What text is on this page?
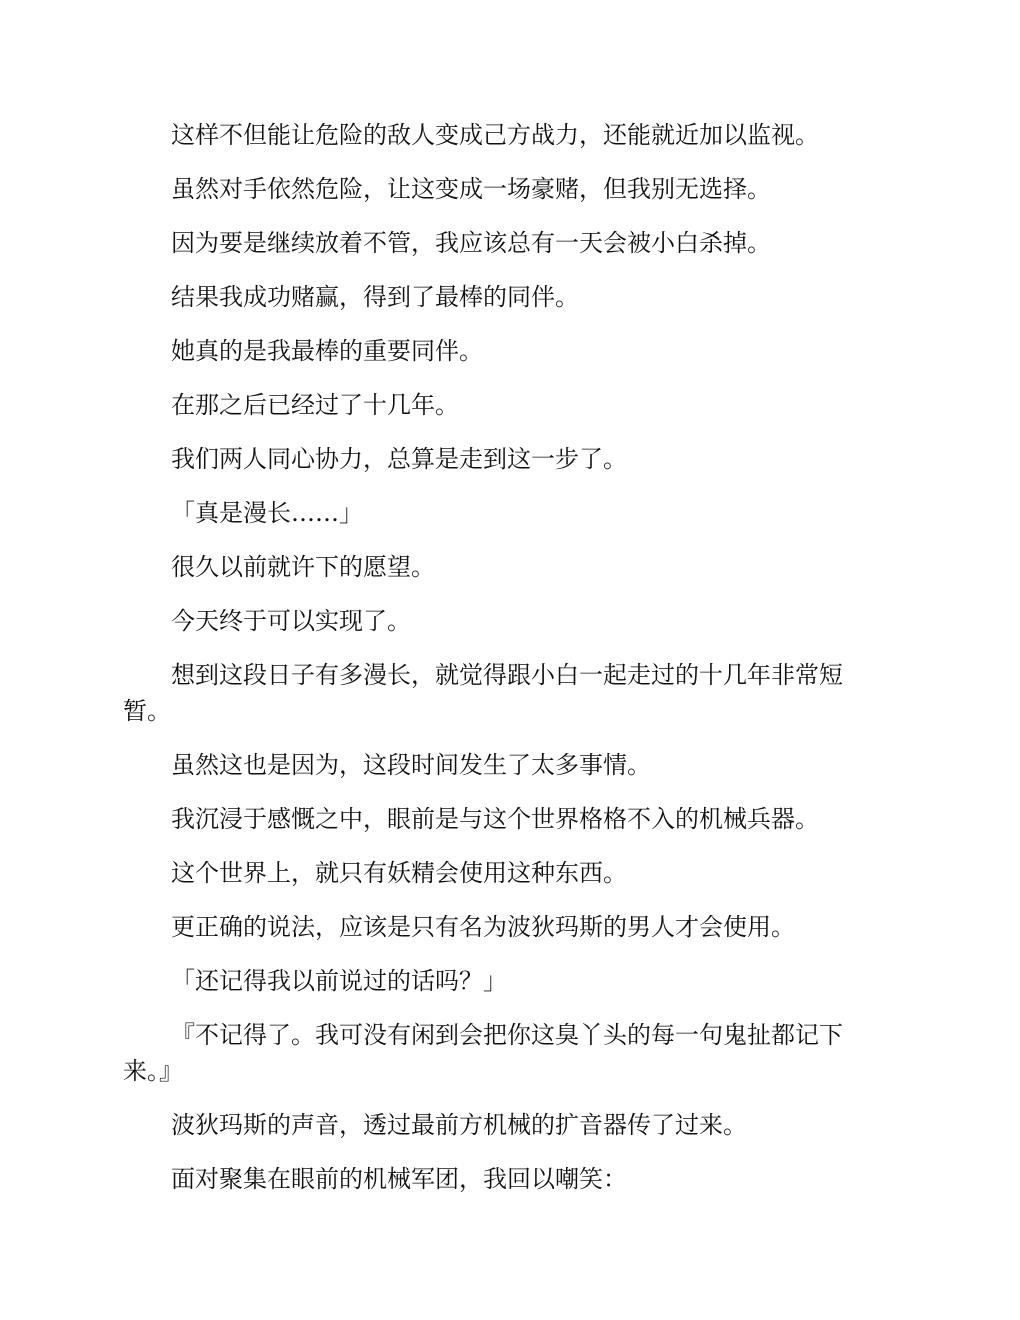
这样不但能让危险的敌人变成己方战力，还能就近加以监视。

虽然对手依然危险，让这变成一场豪赌，但我别无选择。

因为要是继续放着不管，我应该总有一天会被小白杀掉。

结果我成功赌赢，得到了最棒的同伴。

她真的是我最棒的重要同伴。

在那之后已经过了十几年。

我们两人同心协力，总算是走到这一步了。

「真是漫长……」

很久以前就许下的愿望。

今天终于可以实现了。

想到这段日子有多漫长，就觉得跟小白一起走过的十几年非常短暂。

虽然这也是因为，这段时间发生了太多事情。

我沉浸于感慨之中，眼前是与这个世界格格不入的机械兵器。

这个世界上，就只有妖精会使用这种东西。

更正确的说法，应该是只有名为波狄玛斯的男人才会使用。

「还记得我以前说过的话吗？」

『不记得了。我可没有闲到会把你这臭丫头的每一句鬼扯都记下来。』

波狄玛斯的声音，透过最前方机械的扩音器传了过来。

面对聚集在眼前的机械军团，我回以嘲笑：
